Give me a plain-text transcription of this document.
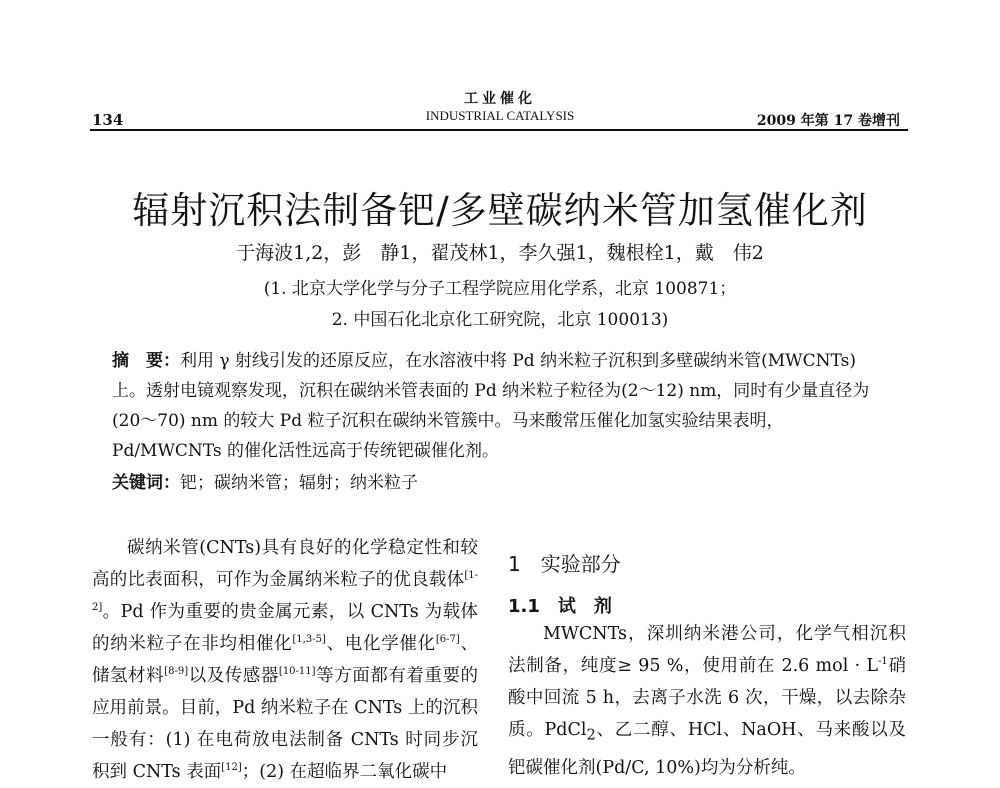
134
工业催化
INDUSTRIAL CATALYSIS	2009 年第 17 卷增刊
辐射沉积法制备钯/多壁碳纳米管加氢催化剂
于海波1,2，彭　静1，翟茂林1，李久强1，魏根栓1，戴　伟2
(1. 北京大学化学与分子工程学院应用化学系，北京 100871；
2. 中国石化北京化工研究院，北京 100013)

摘　要：利用 γ 射线引发的还原反应，在水溶液中将 Pd 纳米粒子沉积到多壁碳纳米管(MWCNTs)上。透射电镜观察发现，沉积在碳纳米管表面的 Pd 纳米粒子粒径为(2～12) nm，同时有少量直径为(20～70) nm 的较大 Pd 粒子沉积在碳纳米管簇中。马来酸常压催化加氢实验结果表明，Pd/MWCNTs 的催化活性远高于传统钯碳催化剂。

关键词：钯；碳纳米管；辐射；纳米粒子

碳纳米管(CNTs)具有良好的化学稳定性和较高的比表面积，可作为金属纳米粒子的优良载体[1-2]。Pd 作为重要的贵金属元素，以 CNTs 为载体的纳米粒子在非均相催化[1,3-5]、电化学催化[6-7]、储氢材料[8-9]以及传感器[10-11]等方面都有着重要的应用前景。目前，Pd 纳米粒子在 CNTs 上的沉积一般有：(1) 在电荷放电法制备 CNTs 时同步沉积到 CNTs 表面[12]；(2) 在超临界二氧化碳中

1　实验部分
1.1　试　剂

MWCNTs，深圳纳米港公司，化学气相沉积法制备，纯度≥ 95 %，使用前在 2.6 mol · $L^{-1}$硝酸中回流 5 h，去离子水洗 6 次，干燥，以去除杂质。PdCl$_2$、乙二醇、HCl、NaOH、马来酸以及钯碳催化剂(Pd/C, 10%)均为分析纯。
